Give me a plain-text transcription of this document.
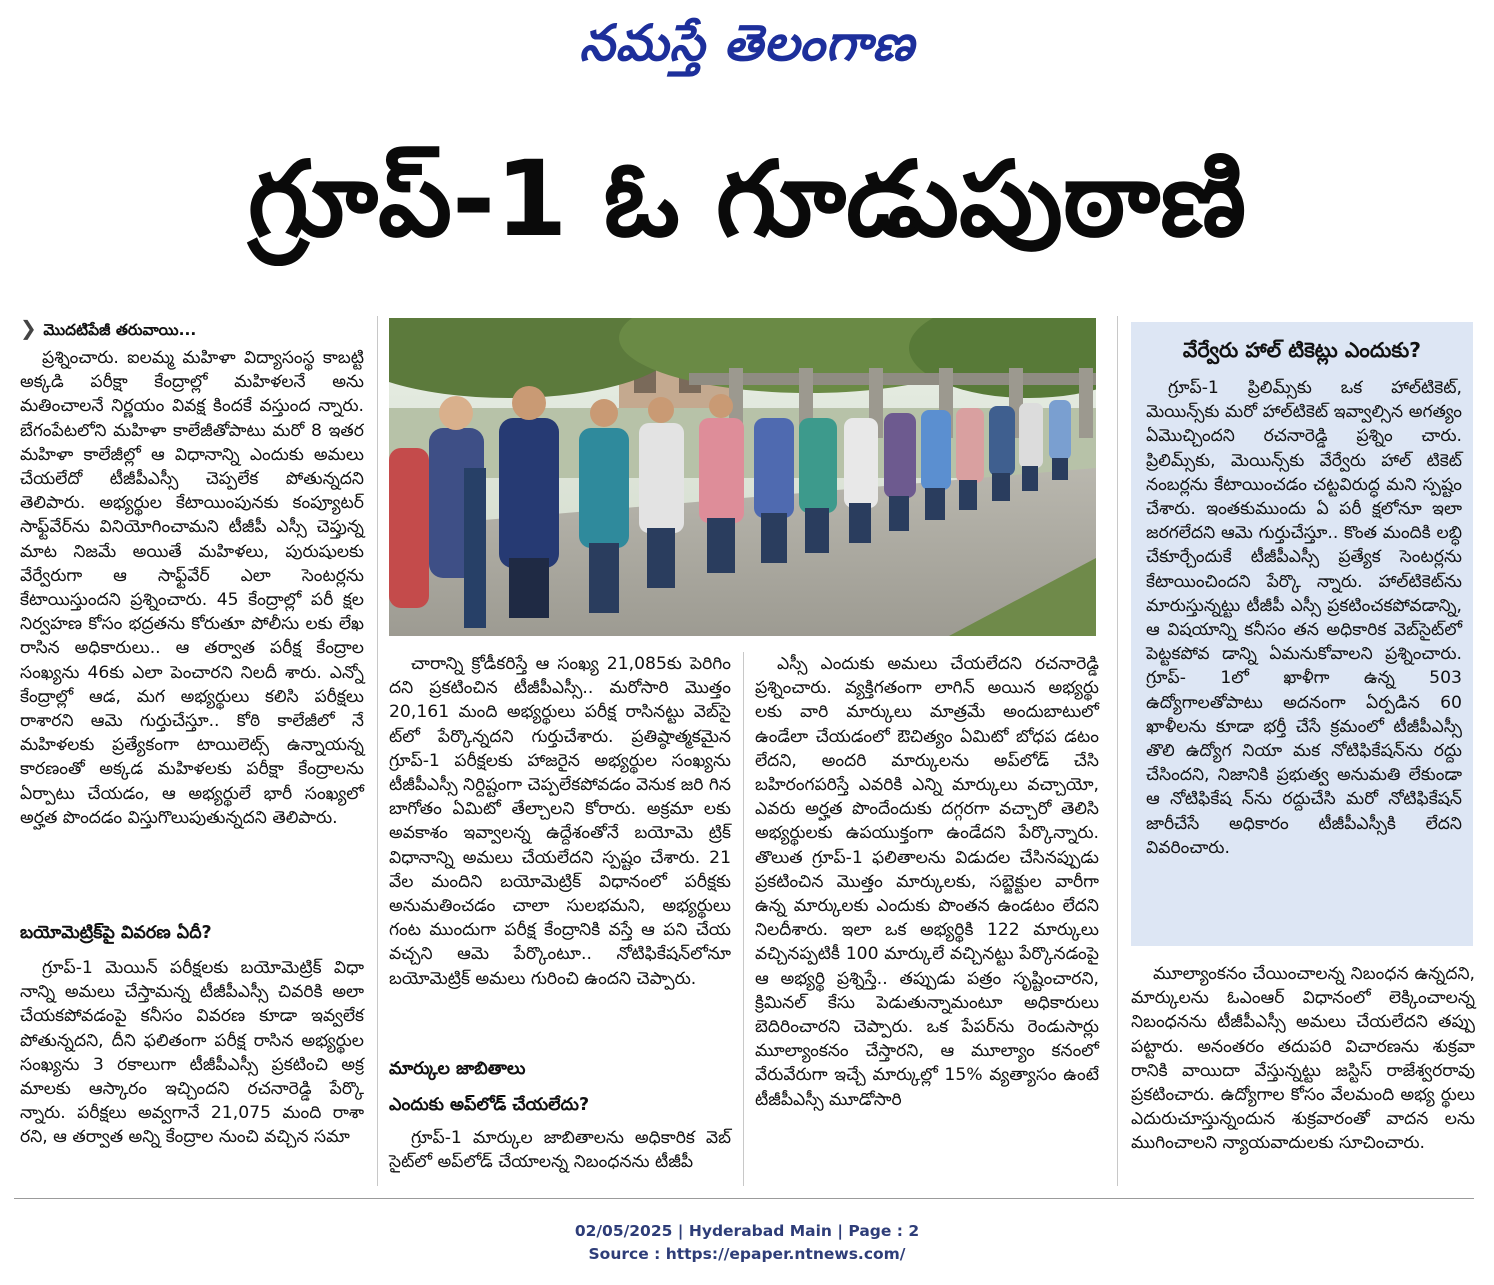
నమస్తే తెలంగాణ
గ్రూప్-1 ఓ గూడుపుఠాణి
❯ మొదటిపేజీ తరువాయి...

ప్రశ్నించారు. ఐలమ్మ మహిళా విద్యాసంస్థ కాబట్టి అక్కడి పరీక్షా కేంద్రాల్లో మహిళలనే అను మతించాలనే నిర్ణయం వివక్ష కిందకే వస్తుంద న్నారు. బేగంపేటలోని మహిళా కాలేజీతోపాటు మరో 8 ఇతర మహిళా కాలేజీల్లో ఆ విధానాన్ని ఎందుకు అమలు చేయలేదో టీజీపీఎస్సీ చెప్పలేక పోతున్నదని తెలిపారు. అభ్యర్థుల కేటాయింపునకు కంప్యూటర్ సాఫ్ట్‌వేర్‌ను వినియోగించామని టీజీపీ ఎస్సీ చెప్తున్న మాట నిజమే అయితే మహిళలు, పురుషులకు వేర్వేరుగా ఆ సాఫ్ట్‌వేర్ ఎలా సెంటర్లను కేటాయిస్తుందని ప్రశ్నించారు. 45 కేంద్రాల్లో పరీ క్షల నిర్వహణ కోసం భద్రతను కోరుతూ పోలీసు లకు లేఖ రాసిన అధికారులు.. ఆ తర్వాత పరీక్ష కేంద్రాల సంఖ్యను 46కు ఎలా పెంచారని నిలదీ శారు. ఎన్నో కేంద్రాల్లో ఆడ, మగ అభ్యర్థులు కలిసి పరీక్షలు రాశారని ఆమె గుర్తుచేస్తూ.. కోఠి కాలేజీలో నే మహిళలకు ప్రత్యేకంగా టాయిలెట్స్ ఉన్నాయన్న కారణంతో అక్కడ మహిళలకు పరీక్షా కేంద్రాలను ఏర్పాటు చేయడం, ఆ అభ్యర్థులే భారీ సంఖ్యలో అర్హత పొందడం విస్తుగొలుపుతున్నదని తెలిపారు.

బయోమెట్రిక్‌పై వివరణ ఏదీ?

గ్రూప్-1 మెయిన్ పరీక్షలకు బయోమెట్రిక్ విధా నాన్ని అమలు చేస్తామన్న టీజీపీఎస్సీ చివరికి అలా చేయకపోవడంపై కనీసం వివరణ కూడా ఇవ్వలేక పోతున్నదని, దీని ఫలితంగా పరీక్ష రాసిన అభ్యర్థుల సంఖ్యను 3 రకాలుగా టీజీపీఎస్సీ ప్రకటించి అక్ర మాలకు ఆస్కారం ఇచ్చిందని రచనారెడ్డి పేర్కొ న్నారు. పరీక్షలు అవ్వగానే 21,075 మంది రాశా రని, ఆ తర్వాత అన్ని కేంద్రాల నుంచి వచ్చిన సమా

చారాన్ని క్రోడీకరిస్తే ఆ సంఖ్య 21,085కు పెరిగిం దని ప్రకటించిన టీజీపీఎస్సీ.. మరోసారి మొత్తం 20,161 మంది అభ్యర్థులు పరీక్ష రాసినట్టు వెబ్‌సై ట్‌లో పేర్కొన్నదని గుర్తుచేశారు. ప్రతిష్ఠాత్మకమైన గ్రూప్-1 పరీక్షలకు హాజరైన అభ్యర్థుల సంఖ్యను టీజీపీఎస్సీ నిర్దిష్టంగా చెప్పలేకపోవడం వెనుక జరి గిన బాగోతం ఏమిటో తేల్చాలని కోరారు. అక్రమా లకు అవకాశం ఇవ్వాలన్న ఉద్దేశంతోనే బయోమె ట్రిక్ విధానాన్ని అమలు చేయలేదని స్పష్టం చేశారు. 21 వేల మందిని బయోమెట్రిక్ విధానంలో పరీక్షకు అనుమతించడం చాలా సులభమని, అభ్యర్థులు గంట ముందుగా పరీక్ష కేంద్రానికి వస్తే ఆ పని చేయ వచ్చని ఆమె పేర్కొంటూ.. నోటిఫికేషన్‌లోనూ బయోమెట్రిక్ అమలు గురించి ఉందని చెప్పారు.

మార్కుల జాబితాలు
ఎందుకు అప్‌లోడ్ చేయలేదు?

గ్రూప్-1 మార్కుల జాబితాలను అధికారిక వెబ్ సైట్‌లో అప్‌లోడ్ చేయాలన్న నిబంధనను టీజీపీ

ఎస్సీ ఎందుకు అమలు చేయలేదని రచనారెడ్డి ప్రశ్నించారు. వ్యక్తిగతంగా లాగిన్ అయిన అభ్యర్థు లకు వారి మార్కులు మాత్రమే అందుబాటులో ఉండేలా చేయడంలో ఔచిత్యం ఏమిటో బోధప డటం లేదని, అందరి మార్కులను అప్‌లోడ్ చేసి బహిరంగపరిస్తే ఎవరికి ఎన్ని మార్కులు వచ్చాయో, ఎవరు అర్హత పొందేందుకు దగ్గరగా వచ్చారో తెలిసి అభ్యర్థులకు ఉపయుక్తంగా ఉండేదని పేర్కొన్నారు. తొలుత గ్రూప్-1 ఫలితాలను విడుదల చేసినప్పుడు ప్రకటించిన మొత్తం మార్కులకు, సబ్జెక్టుల వారీగా ఉన్న మార్కులకు ఎందుకు పొంతన ఉండటం లేదని నిలదీశారు. ఇలా ఒక అభ్యర్థికి 122 మార్కులు వచ్చినప్పటికీ 100 మార్కులే వచ్చినట్టు పేర్కొనడంపై ఆ అభ్యర్థి ప్రశ్నిస్తే.. తప్పుడు పత్రం సృష్టించారని, క్రిమినల్ కేసు పెడుతున్నామంటూ అధికారులు బెదిరించారని చెప్పారు. ఒక పేపర్‌ను రెండుసార్లు మూల్యాంకనం చేస్తారని, ఆ మూల్యాం కనంలో వేరువేరుగా ఇచ్చే మార్కుల్లో 15% వ్యత్యాసం ఉంటే టీజీపీఎస్సీ మూడోసారి

వేర్వేరు హాల్ టికెట్లు ఎందుకు?

గ్రూప్-1 ప్రిలిమ్స్‌కు ఒక హాల్‌టికెట్, మెయిన్స్‌కు మరో హాల్‌టికెట్ ఇవ్వాల్సిన అగత్యం ఏమొచ్చిందని రచనారెడ్డి ప్రశ్నిం చారు. ప్రిలిమ్స్‌కు, మెయిన్స్‌కు వేర్వేరు హాల్ టికెట్ నంబర్లను కేటాయించడం చట్టవిరుద్ధ మని స్పష్టం చేశారు. ఇంతకుముందు ఏ పరీ క్షలోనూ ఇలా జరగలేదని ఆమె గుర్తుచేస్తూ.. కొంత మందికి లబ్ధి చేకూర్చేందుకే టీజీపీఎస్సీ ప్రత్యేక సెంటర్లను కేటాయించిందని పేర్కొ న్నారు. హాల్‌టికెట్‌ను మారుస్తున్నట్టు టీజీపీ ఎస్సీ ప్రకటించకపోవడాన్ని, ఆ విషయాన్ని కనీసం తన అధికారిక వెబ్‌సైట్‌లో పెట్టకపోవ డాన్ని ఏమనుకోవాలని ప్రశ్నించారు. గ్రూప్- 1లో ఖాళీగా ఉన్న 503 ఉద్యోగాలతోపాటు అదనంగా ఏర్పడిన 60 ఖాళీలను కూడా భర్తీ చేసే క్రమంలో టీజీపీఎస్సీ తొలి ఉద్యోగ నియా మక నోటిఫికేషన్‌ను రద్దు చేసిందని, నిజానికి ప్రభుత్వ అనుమతి లేకుండా ఆ నోటిఫికేష న్‌ను రద్దుచేసి మరో నోటిఫికేషన్ జారీచేసే అధికారం టీజీపీఎస్సీకి లేదని వివరించారు.

మూల్యాంకనం చేయించాలన్న నిబంధన ఉన్నదని, మార్కులను ఓఎంఆర్ విధానంలో లెక్కించాలన్న నిబంధనను టీజీపీఎస్సీ అమలు చేయలేదని తప్పు పట్టారు. అనంతరం తదుపరి విచారణను శుక్రవా రానికి వాయిదా వేస్తున్నట్టు జస్టిస్ రాజేశ్వరరావు ప్రకటించారు. ఉద్యోగాల కోసం వేలమంది అభ్య ర్థులు ఎదురుచూస్తున్నందున శుక్రవారంతో వాదన లను ముగించాలని న్యాయవాదులకు సూచించారు.

02/05/2025 | Hyderabad Main | Page : 2
Source : https://epaper.ntnews.com/
